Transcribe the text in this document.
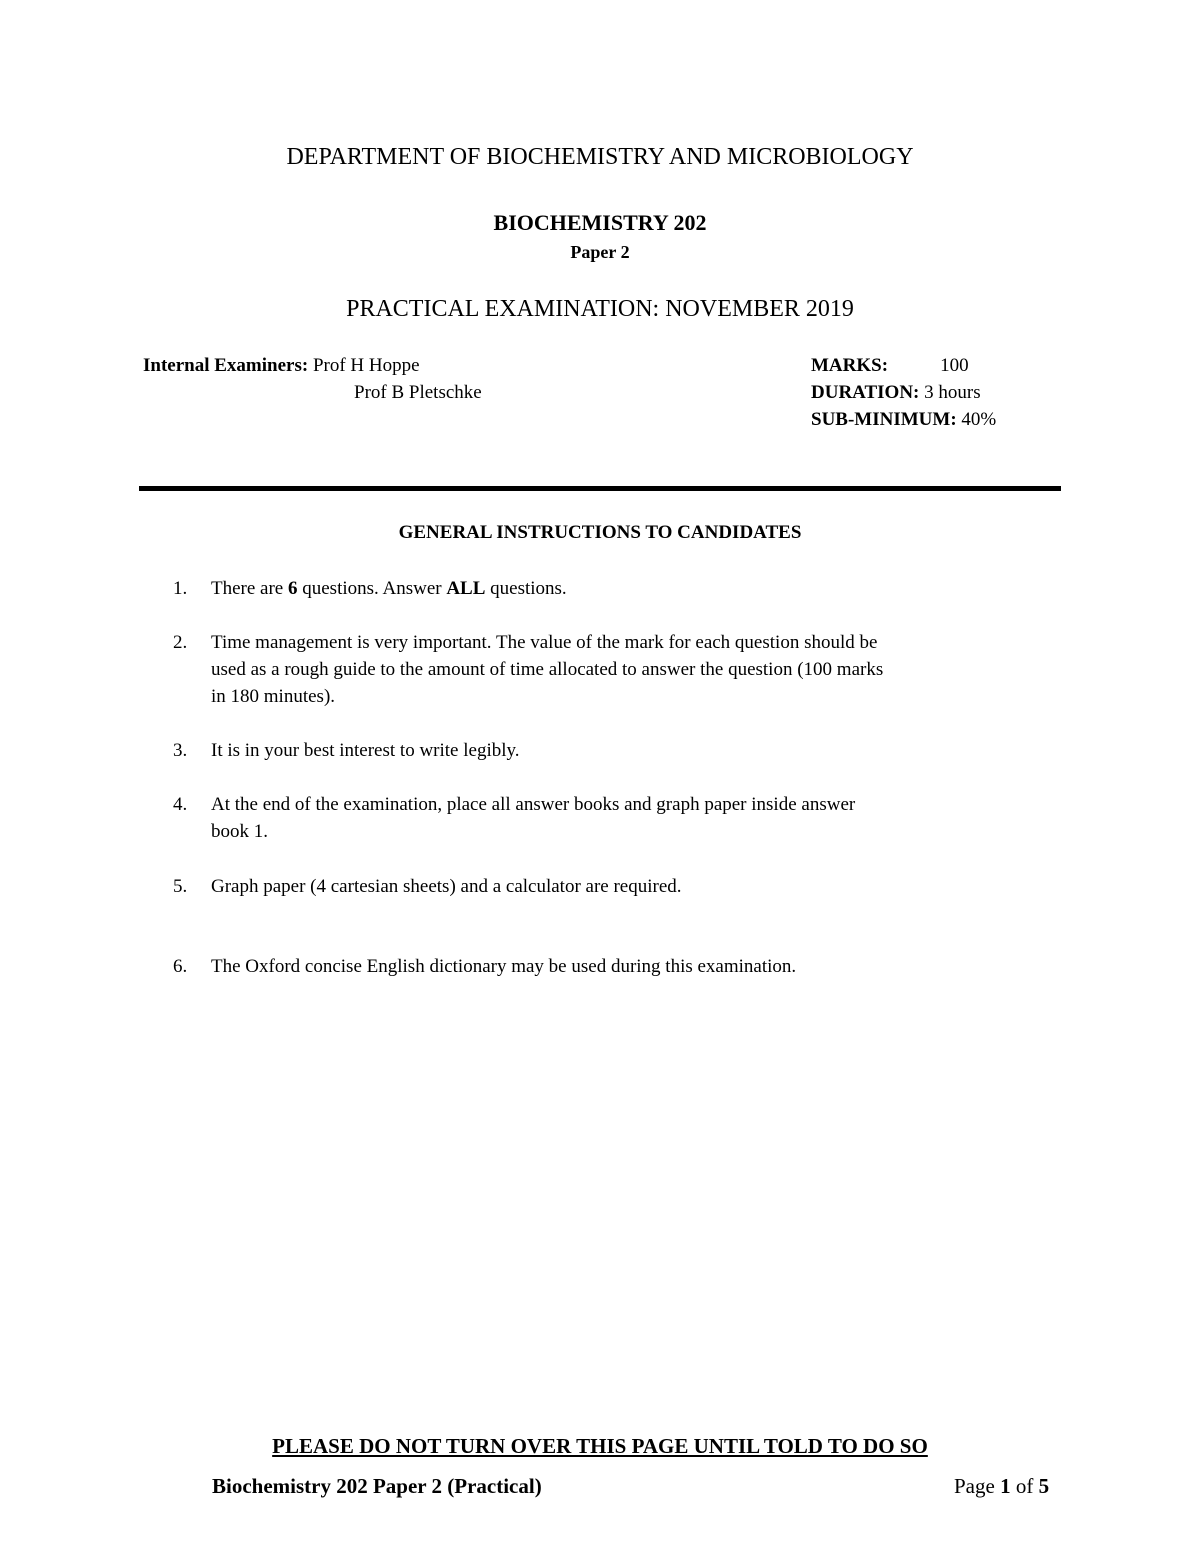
DEPARTMENT OF BIOCHEMISTRY AND MICROBIOLOGY
BIOCHEMISTRY 202
Paper 2
PRACTICAL EXAMINATION: NOVEMBER 2019
Internal Examiners: Prof H Hoppe
Prof B Pletschke
MARKS:	100
DURATION: 3 hours
SUB-MINIMUM: 40%
GENERAL INSTRUCTIONS TO CANDIDATES
1. There are 6 questions. Answer ALL questions.
2. Time management is very important. The value of the mark for each question should be
used as a rough guide to the amount of time allocated to answer the question (100 marks
in 180 minutes).
3. It is in your best interest to write legibly.
4. At the end of the examination, place all answer books and graph paper inside answer
book 1.
5. Graph paper (4 cartesian sheets) and a calculator are required.
6. The Oxford concise English dictionary may be used during this examination.
PLEASE DO NOT TURN OVER THIS PAGE UNTIL TOLD TO DO SO
Biochemistry 202 Paper 2 (Practical)	Page 1 of 5
